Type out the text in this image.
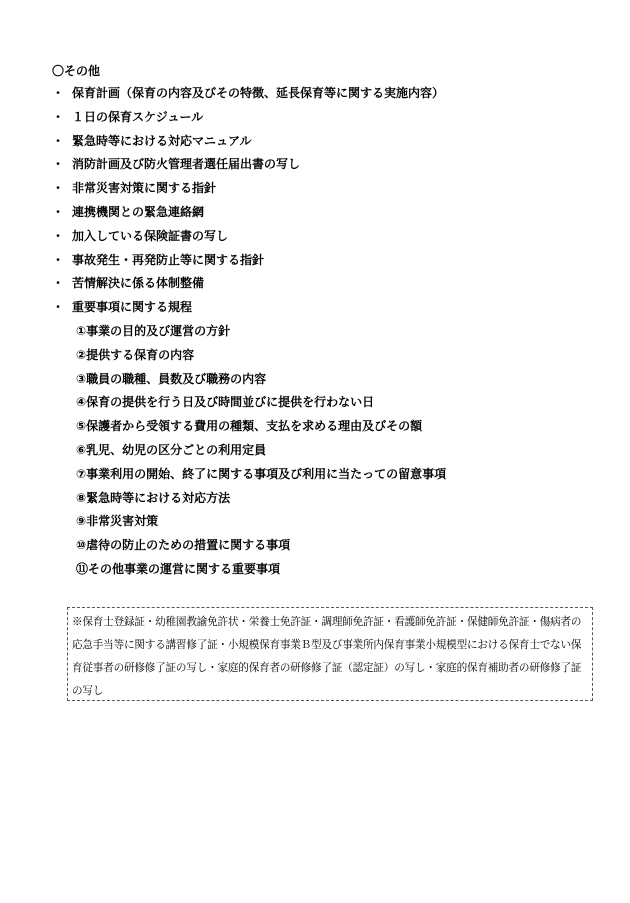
〇その他
・ 保育計画（保育の内容及びその特徴、延長保育等に関する実施内容）
・ １日の保育スケジュール
・ 緊急時等における対応マニュアル
・ 消防計画及び防火管理者選任届出書の写し
・ 非常災害対策に関する指針
・ 連携機関との緊急連絡網
・ 加入している保険証書の写し
・ 事故発生・再発防止等に関する指針
・ 苦情解決に係る体制整備
・ 重要事項に関する規程
①事業の目的及び運営の方針
②提供する保育の内容
③職員の職種、員数及び職務の内容
④保育の提供を行う日及び時間並びに提供を行わない日
⑤保護者から受領する費用の種類、支払を求める理由及びその額
⑥乳児、幼児の区分ごとの利用定員
⑦事業利用の開始、終了に関する事項及び利用に当たっての留意事項
⑧緊急時等における対応方法
⑨非常災害対策
⑩虐待の防止のための措置に関する事項
⑪その他事業の運営に関する重要事項
※保育士登録証・幼稚園教諭免許状・栄養士免許証・調理師免許証・看護師免許証・保健師免許証・傷病者の応急手当等に関する講習修了証・小規模保育事業Ｂ型及び事業所内保育事業小規模型における保育士でない保育従事者の研修修了証の写し・家庭的保育者の研修修了証（認定証）の写し・家庭的保育補助者の研修修了証の写し
